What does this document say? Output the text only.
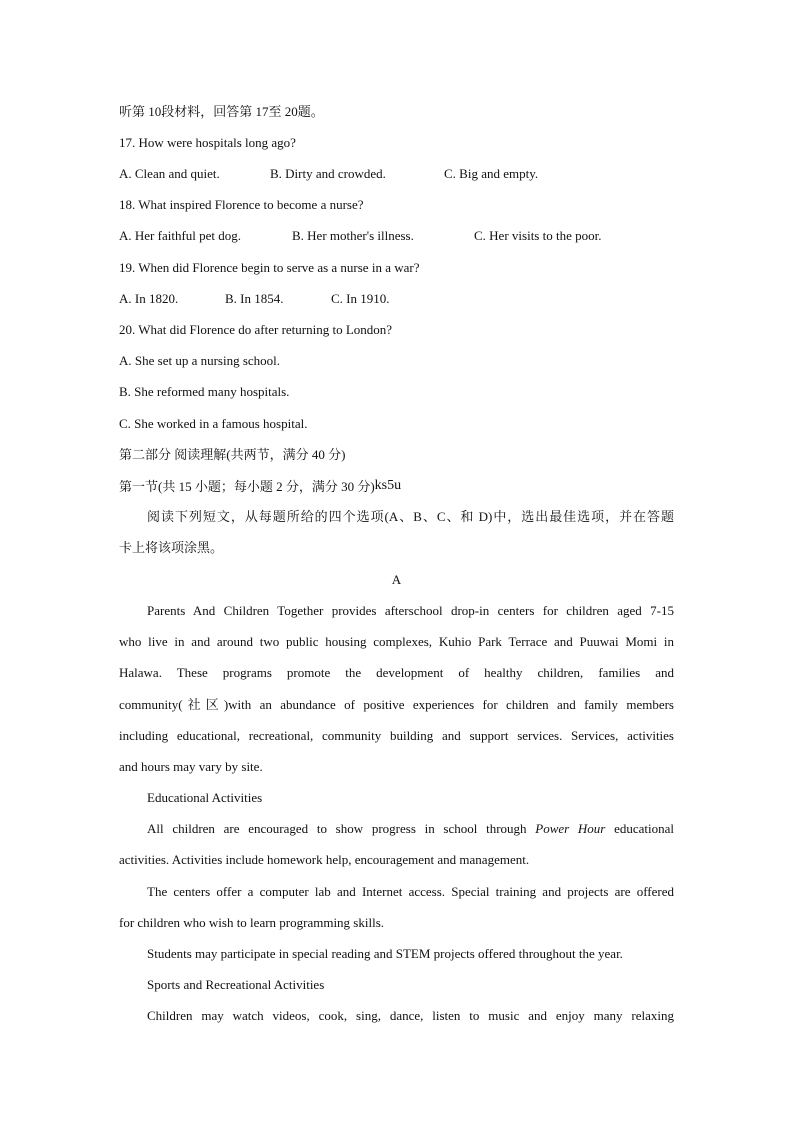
听第 10段材料，回答第 17至 20题。
17. How were hospitals long ago?
A. Clean and quiet.	B. Dirty and crowded.	C. Big and empty.
18. What inspired Florence to become a nurse?
A. Her faithful pet dog.	B. Her mother's illness.	C. Her visits to the poor.
19. When did Florence begin to serve as a nurse in a war?
A. In 1820.	B. In 1854.	C. In 1910.
20. What did Florence do after returning to London?
A. She set up a nursing school.
B. She reformed many hospitals.
C. She worked in a famous hospital.
第二部分 阅读理解(共两节，满分 40 分)
第一节(共 15 小题；每小题 2 分，满分 30 分)ks5u
阅读下列短文，从每题所给的四个选项(A、B、C、和 D)中，选出最佳选项，并在答题
卡上将该项涂黑。
A
Parents And Children Together provides afterschool drop-in centers for children aged 7-15
who live in and around two public housing complexes, Kuhio Park Terrace and Puuwai Momi in
Halawa. These programs promote the development of healthy children, families and
community(社区)with an abundance of positive experiences for children and family members
including educational, recreational, community building and support services. Services, activities
and hours may vary by site.
Educational Activities
All children are encouraged to show progress in school through Power Hour educational
activities. Activities include homework help, encouragement and management.
The centers offer a computer lab and Internet access. Special training and projects are offered
for children who wish to learn programming skills.
Students may participate in special reading and STEM projects offered throughout the year.
Sports and Recreational Activities
Children may watch videos, cook, sing, dance, listen to music and enjoy many relaxing
